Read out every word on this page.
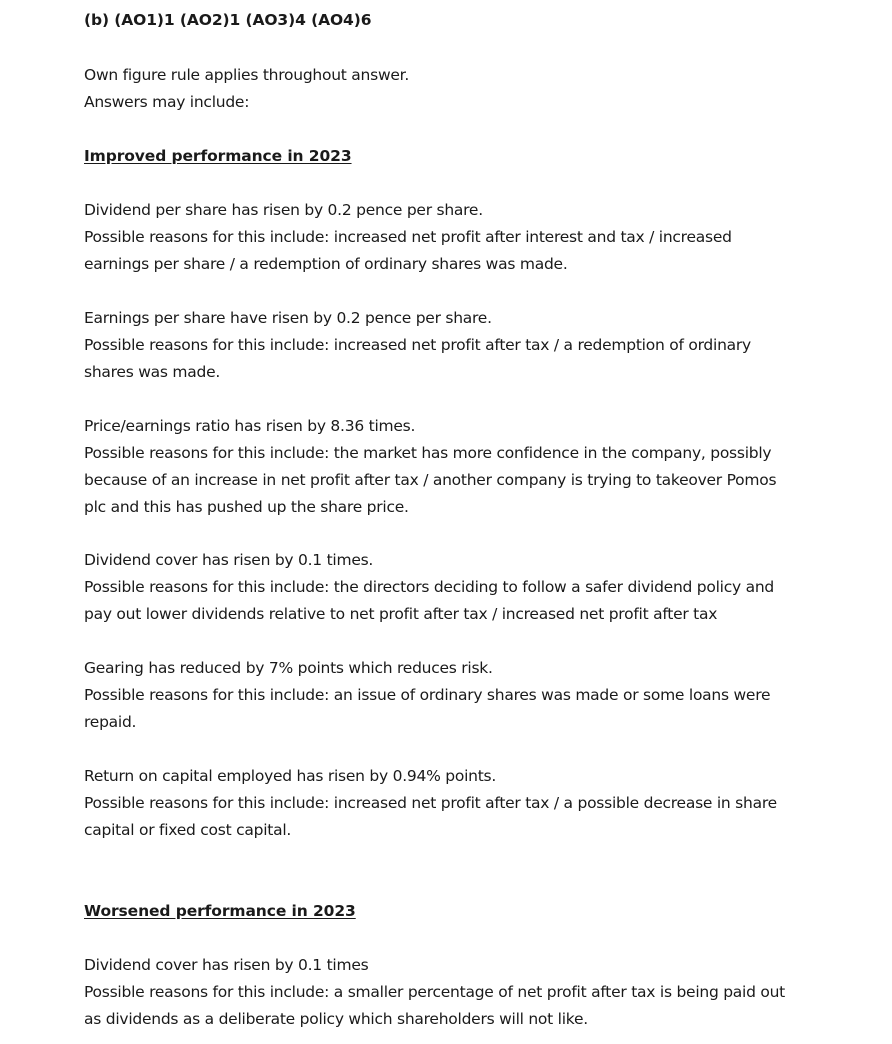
(b) (AO1)1 (AO2)1 (AO3)4 (AO4)6
Own figure rule applies throughout answer.
Answers may include:
Improved performance in 2023
Dividend per share has risen by 0.2 pence per share.
Possible reasons for this include: increased net profit after interest and tax / increased
earnings per share / a redemption of ordinary shares was made.
Earnings per share have risen by 0.2 pence per share.
Possible reasons for this include: increased net profit after tax / a redemption of ordinary
shares was made.
Price/earnings ratio has risen by 8.36 times.
Possible reasons for this include: the market has more confidence in the company, possibly
because of an increase in net profit after tax / another company is trying to takeover Pomos
plc and this has pushed up the share price.
Dividend cover has risen by 0.1 times.
Possible reasons for this include: the directors deciding to follow a safer dividend policy and
pay out lower dividends relative to net profit after tax / increased net profit after tax
Gearing has reduced by 7% points which reduces risk.
Possible reasons for this include: an issue of ordinary shares was made or some loans were
repaid.
Return on capital employed has risen by 0.94% points.
Possible reasons for this include: increased net profit after tax / a possible decrease in share
capital or fixed cost capital.
Worsened performance in 2023
Dividend cover has risen by 0.1 times
Possible reasons for this include: a smaller percentage of net profit after tax is being paid out
as dividends as a deliberate policy which shareholders will not like.
